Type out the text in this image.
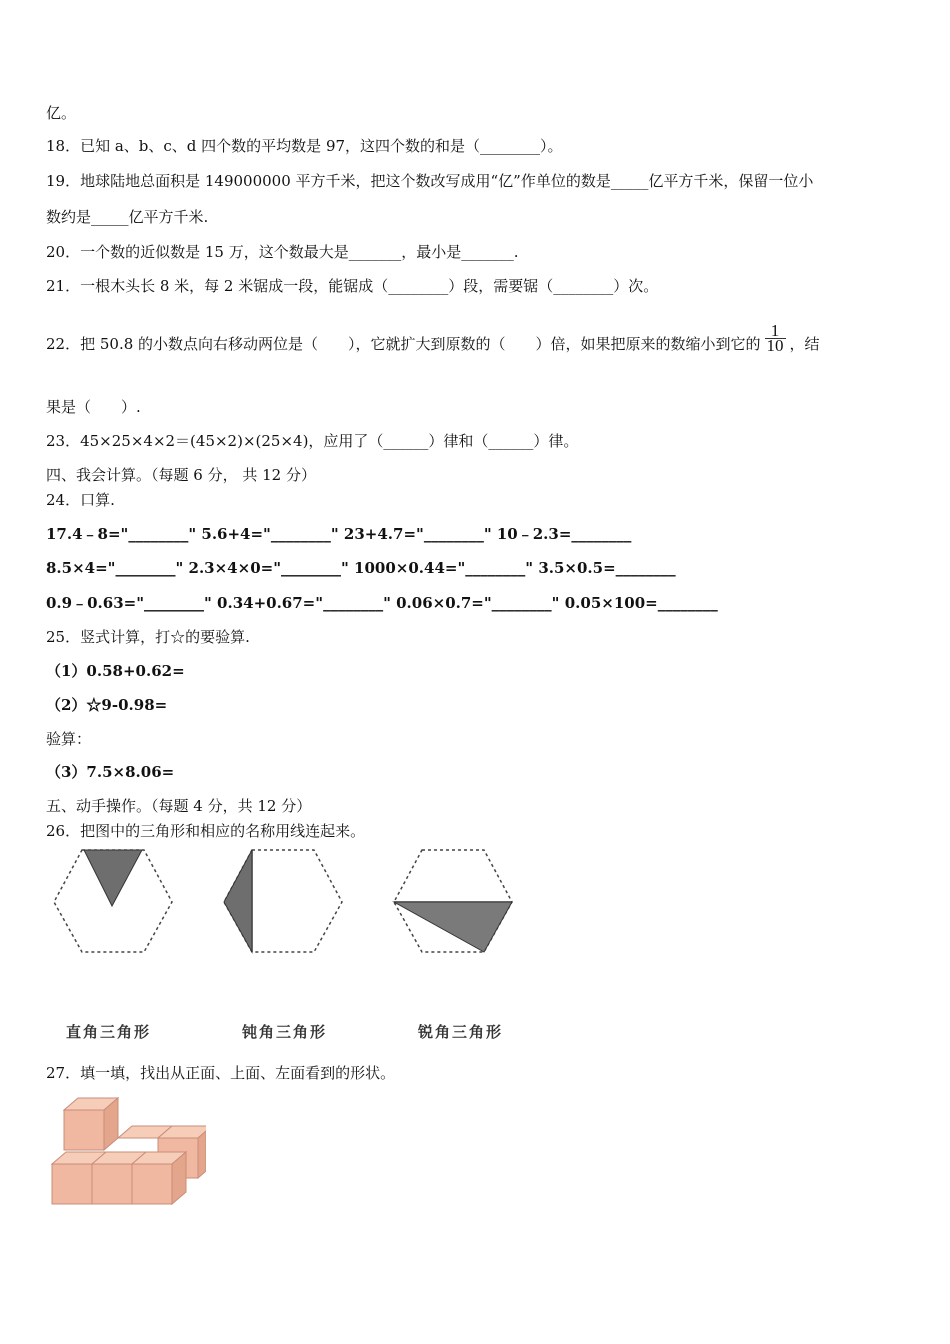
亿。
18．已知 a、b、c、d 四个数的平均数是 97，这四个数的和是（________）。
19．地球陆地总面积是 149000000 平方千米，把这个数改写成用“亿”作单位的数是_____亿平方千米，保留一位小
数约是_____亿平方千米.
20．一个数的近似数是 15 万，这个数最大是_______，最小是_______.
21．一根木头长 8 米，每 2 米锯成一段，能锯成（________）段，需要锯（________）次。
22．把 50.8 的小数点向右移动两位是（　　），它就扩大到原数的（　　）倍，如果把原来的数缩小到它的 $\frac{1}{10}$ ，结
果是（　　）.
23．45×25×4×2＝(45×2)×(25×4)，应用了（______）律和（______）律。
四、我会计算。（每题 6 分， 共 12 分）
24．口算.
17.4﹣8="________" 5.6+4="________" 23+4.7="________" 10﹣2.3=________
8.5×4="________" 2.3×4×0="________" 1000×0.44="________" 3.5×0.5=________
0.9﹣0.63="________" 0.34+0.67="________" 0.06×0.7="________" 0.05×100=________
25．竖式计算，打☆的要验算.
（1）0.58+0.62=
（2）☆9-0.98=
验算：
（3）7.5×8.06=
五、动手操作。（每题 4 分，共 12 分）
26．把图中的三角形和相应的名称用线连起来。
直角三角形	钝角三角形	锐角三角形
27．填一填，找出从正面、上面、左面看到的形状。
